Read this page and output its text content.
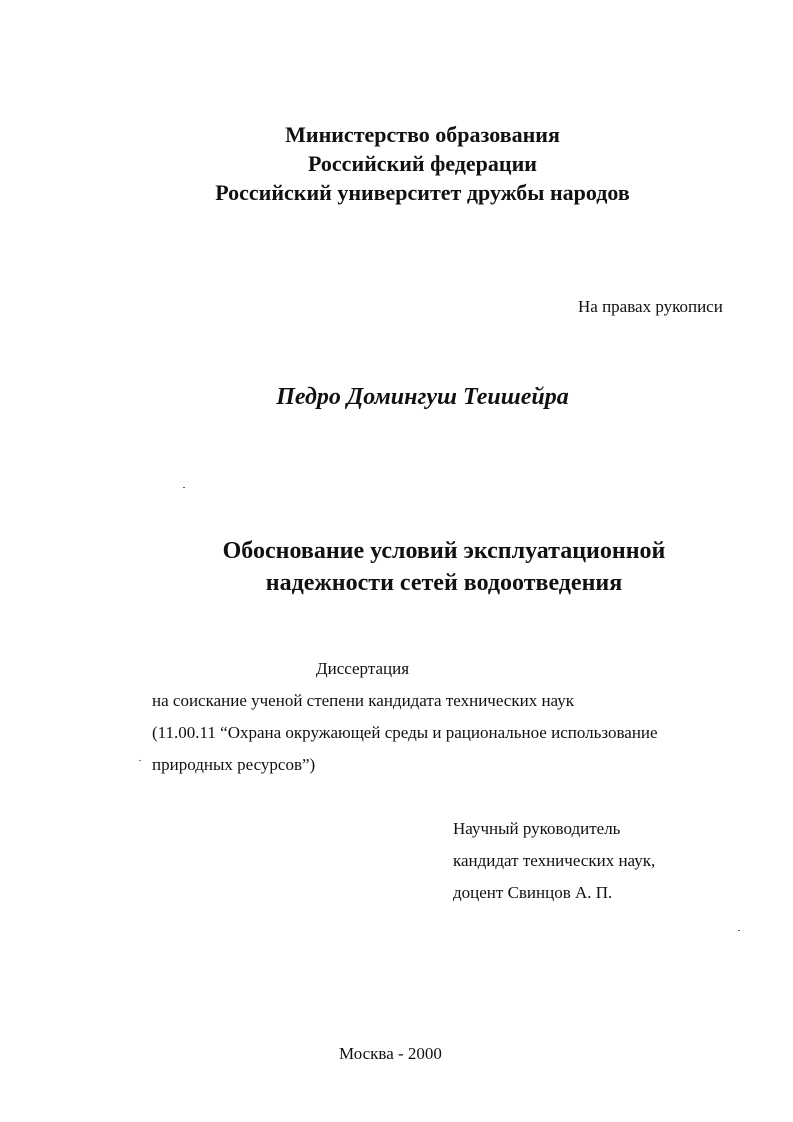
Министерство образования
Российский федерации
Российский университет дружбы народов
На правах рукописи
Педро Домингуш Теишейра
Обоснование условий эксплуатационной
надежности сетей водоотведения
Диссертация
на соискание ученой степени кандидата технических наук
(11.00.11 “Охрана окружающей среды и рациональное использование
природных ресурсов”)
Научный руководитель
кандидат технических наук,
доцент Свинцов А. П.
Москва - 2000
